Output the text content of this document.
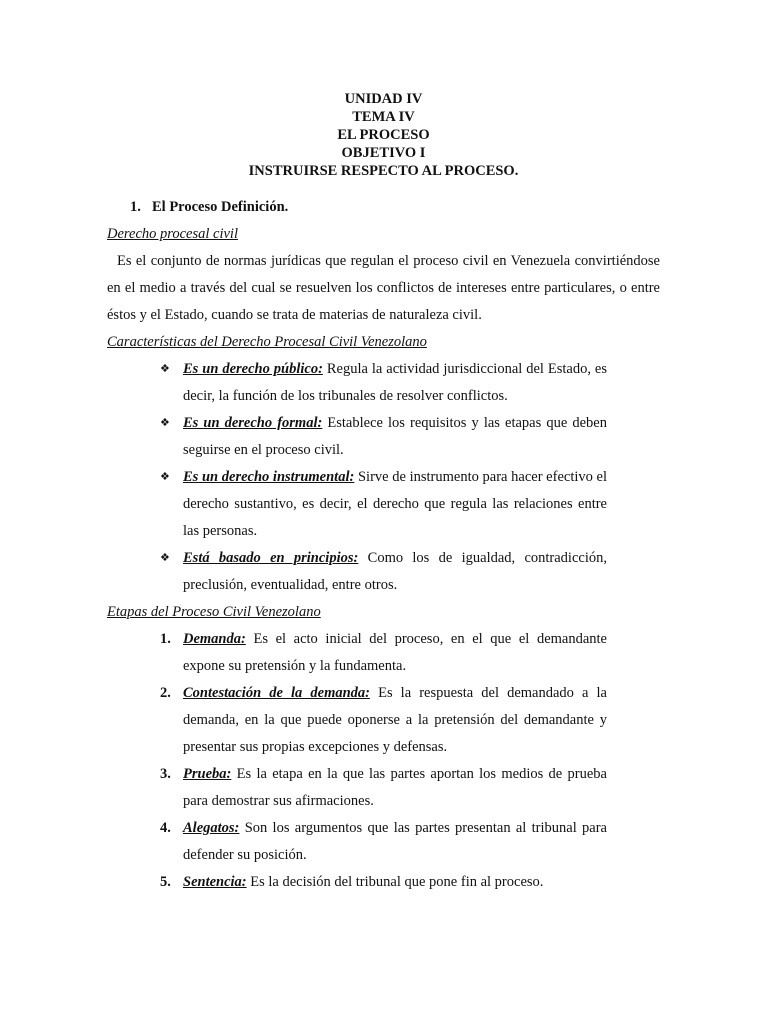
UNIDAD IV
TEMA IV
EL PROCESO
OBJETIVO I
INSTRUIRSE RESPECTO AL PROCESO.
1. El Proceso Definición.
Derecho procesal civil
Es el conjunto de normas jurídicas que regulan el proceso civil en Venezuela convirtiéndose en el medio a través del cual se resuelven los conflictos de intereses entre particulares, o entre éstos y el Estado, cuando se trata de materias de naturaleza civil.
Características del Derecho Procesal Civil Venezolano
❖ Es un derecho público: Regula la actividad jurisdiccional del Estado, es decir, la función de los tribunales de resolver conflictos.
❖ Es un derecho formal: Establece los requisitos y las etapas que deben seguirse en el proceso civil.
❖ Es un derecho instrumental: Sirve de instrumento para hacer efectivo el derecho sustantivo, es decir, el derecho que regula las relaciones entre las personas.
❖ Está basado en principios: Como los de igualdad, contradicción, preclusión, eventualidad, entre otros.
Etapas del Proceso Civil Venezolano
1. Demanda: Es el acto inicial del proceso, en el que el demandante expone su pretensión y la fundamenta.
2. Contestación de la demanda: Es la respuesta del demandado a la demanda, en la que puede oponerse a la pretensión del demandante y presentar sus propias excepciones y defensas.
3. Prueba: Es la etapa en la que las partes aportan los medios de prueba para demostrar sus afirmaciones.
4. Alegatos: Son los argumentos que las partes presentan al tribunal para defender su posición.
5. Sentencia: Es la decisión del tribunal que pone fin al proceso.
